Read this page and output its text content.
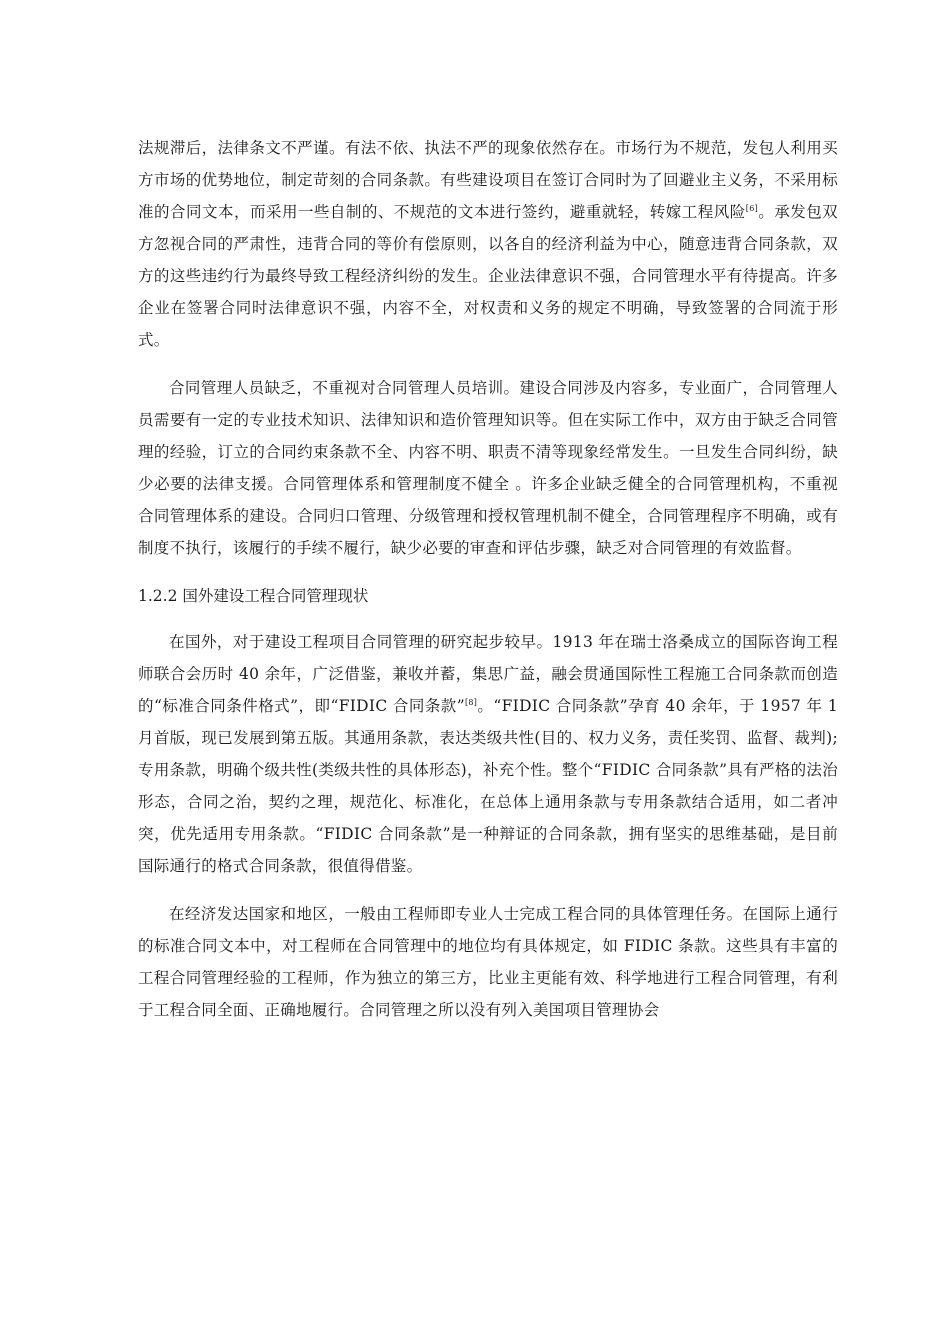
法规滞后，法律条文不严谨。有法不依、执法不严的现象依然存在。市场行为不规范，发包人利用买方市场的优势地位，制定苛刻的合同条款。有些建设项目在签订合同时为了回避业主义务，不采用标准的合同文本，而采用一些自制的、不规范的文本进行签约，避重就轻，转嫁工程风险[6]。承发包双方忽视合同的严肃性，违背合同的等价有偿原则，以各自的经济利益为中心，随意违背合同条款，双方的这些违约行为最终导致工程经济纠纷的发生。企业法律意识不强，合同管理水平有待提高。许多企业在签署合同时法律意识不强，内容不全，对权责和义务的规定不明确，导致签署的合同流于形式。

合同管理人员缺乏，不重视对合同管理人员培训。建设合同涉及内容多，专业面广，合同管理人员需要有一定的专业技术知识、法律知识和造价管理知识等。但在实际工作中，双方由于缺乏合同管理的经验，订立的合同约束条款不全、内容不明、职责不清等现象经常发生。一旦发生合同纠纷，缺少必要的法律支援。合同管理体系和管理制度不健全 。许多企业缺乏健全的合同管理机构，不重视合同管理体系的建设。合同归口管理、分级管理和授权管理机制不健全，合同管理程序不明确，或有制度不执行，该履行的手续不履行，缺少必要的审查和评估步骤，缺乏对合同管理的有效监督。

1.2.2 国外建设工程合同管理现状

在国外，对于建设工程项目合同管理的研究起步较早。1913 年在瑞士洛桑成立的国际咨询工程师联合会历时 40 余年，广泛借鉴，兼收并蓄，集思广益，融会贯通国际性工程施工合同条款而创造的“标准合同条件格式”，即“FIDIC 合同条款”[8]。“FIDIC 合同条款”孕育 40 余年，于 1957 年 1 月首版，现已发展到第五版。其通用条款，表达类级共性(目的、权力义务，责任奖罚、监督、裁判);专用条款，明确个级共性(类级共性的具体形态)，补充个性。整个“FIDIC 合同条款”具有严格的法治形态，合同之治，契约之理，规范化、标准化，在总体上通用条款与专用条款结合适用，如二者冲突，优先适用专用条款。“FIDIC 合同条款”是一种辩证的合同条款，拥有坚实的思维基础，是目前国际通行的格式合同条款，很值得借鉴。

在经济发达国家和地区，一般由工程师即专业人士完成工程合同的具体管理任务。在国际上通行的标准合同文本中，对工程师在合同管理中的地位均有具体规定，如 FIDIC 条款。这些具有丰富的工程合同管理经验的工程师，作为独立的第三方，比业主更能有效、科学地进行工程合同管理，有利于工程合同全面、正确地履行。合同管理之所以没有列入美国项目管理协会
